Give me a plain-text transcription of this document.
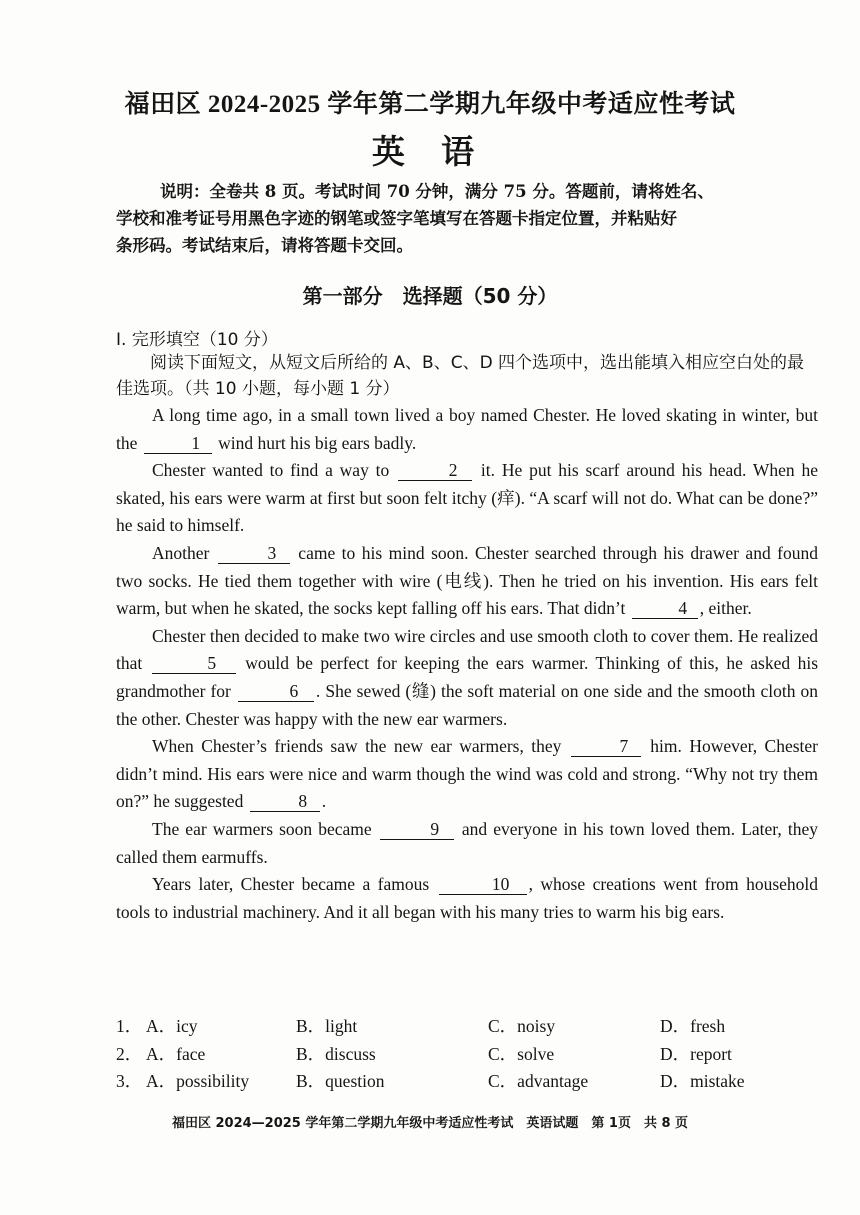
福田区 2024-2025 学年第二学期九年级中考适应性考试
英 语
说明：全卷共 8 页。考试时间 70 分钟，满分 75 分。答题前，请将姓名、
学校和准考证号用黑色字迹的钢笔或签字笔填写在答题卡指定位置，并粘贴好
条形码。考试结束后，请将答题卡交回。
第一部分　选择题（50 分）
I. 完形填空（10 分）
阅读下面短文，从短文后所给的 A、B、C、D 四个选项中，选出能填入相应空白处的最佳选项。（共 10 小题，每小题 1 分）

A long time ago, in a small town lived a boy named Chester. He loved skating in winter, but the	1 wind hurt his big ears badly.

Chester wanted to find a way to	2 it. He put his scarf around his head. When he skated, his ears were warm at first but soon felt itchy (痒). “A scarf will not do. What can be done?” he said to himself.

Another	3 came to his mind soon. Chester searched through his drawer and found two socks. He tied them together with wire (电线). Then he tried on his invention. His ears felt warm, but when he skated, the socks kept falling off his ears. That didn’t	4 , either.

Chester then decided to make two wire circles and use smooth cloth to cover them. He realized that	5 would be perfect for keeping the ears warmer. Thinking of this, he asked his grandmother for	6 . She sewed (缝) the soft material on one side and the smooth cloth on the other. Chester was happy with the new ear warmers.

When Chester’s friends saw the new ear warmers, they	7 him. However, Chester didn’t mind. His ears were nice and warm though the wind was cold and strong. “Why not try them on?” he suggested	8 .

The ear warmers soon became	9 and everyone in his town loved them. Later, they called them earmuffs.

Years later, Chester became a famous	10 , whose creations went from household tools to industrial machinery. And it all began with his many tries to warm his big ears.

1． A．icy	B．light	C．noisy	D．fresh
2． A．face	B．discuss	C．solve	D．report
3． A．possibility	B．question	C．advantage	D．mistake
福田区 2024—2025 学年第二学期九年级中考适应性考试　英语试题　第 1页　共 8 页
